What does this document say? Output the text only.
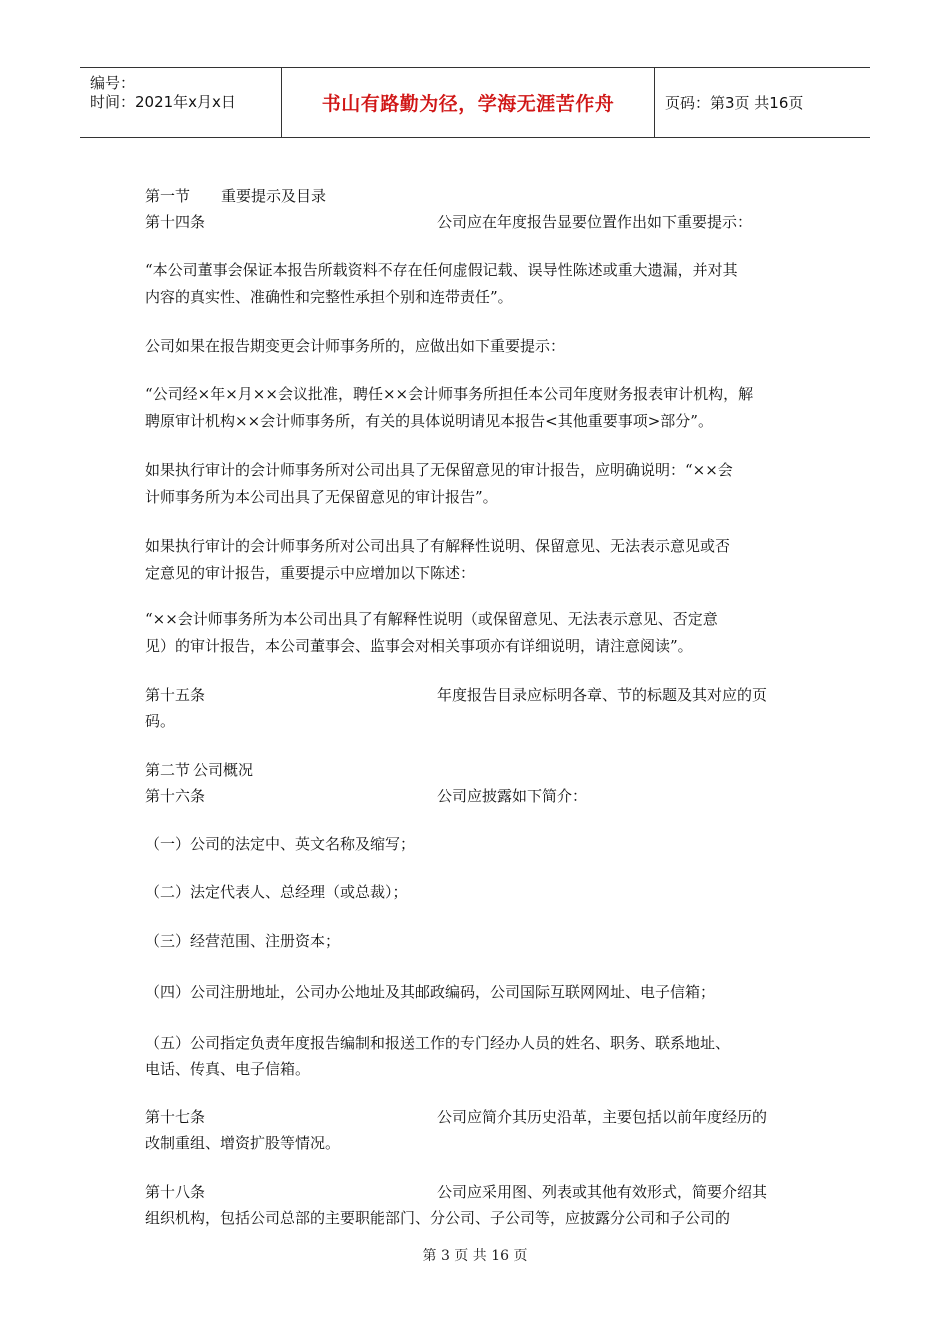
编号：
时间：2021年x月x日	书山有路勤为径，学海无涯苦作舟	页码：第3页 共16页
第一节 重要提示及目录
第十四条	公司应在年度报告显要位置作出如下重要提示：
“本公司董事会保证本报告所载资料不存在任何虚假记载、误导性陈述或重大遗漏，并对其
内容的真实性、准确性和完整性承担个别和连带责任”。
公司如果在报告期变更会计师事务所的，应做出如下重要提示：
“公司经×年×月××会议批准，聘任××会计师事务所担任本公司年度财务报表审计机构，解
聘原审计机构××会计师事务所，有关的具体说明请见本报告<其他重要事项>部分”。
如果执行审计的会计师事务所对公司出具了无保留意见的审计报告，应明确说明：“××会
计师事务所为本公司出具了无保留意见的审计报告”。
如果执行审计的会计师事务所对公司出具了有解释性说明、保留意见、无法表示意见或否
定意见的审计报告，重要提示中应增加以下陈述：
“××会计师事务所为本公司出具了有解释性说明（或保留意见、无法表示意见、否定意
见）的审计报告，本公司董事会、监事会对相关事项亦有详细说明，请注意阅读”。
第十五条	年度报告目录应标明各章、节的标题及其对应的页
码。
第二节 公司概况
第十六条	公司应披露如下简介：
（一）公司的法定中、英文名称及缩写；
（二）法定代表人、总经理（或总裁）；
（三）经营范围、注册资本；
（四）公司注册地址，公司办公地址及其邮政编码，公司国际互联网网址、电子信箱；
（五）公司指定负责年度报告编制和报送工作的专门经办人员的姓名、职务、联系地址、
电话、传真、电子信箱。
第十七条	公司应简介其历史沿革，主要包括以前年度经历的
改制重组、增资扩股等情况。
第十八条	公司应采用图、列表或其他有效形式，简要介绍其
组织机构，包括公司总部的主要职能部门、分公司、子公司等，应披露分公司和子公司的
第 3 页 共 16 页
